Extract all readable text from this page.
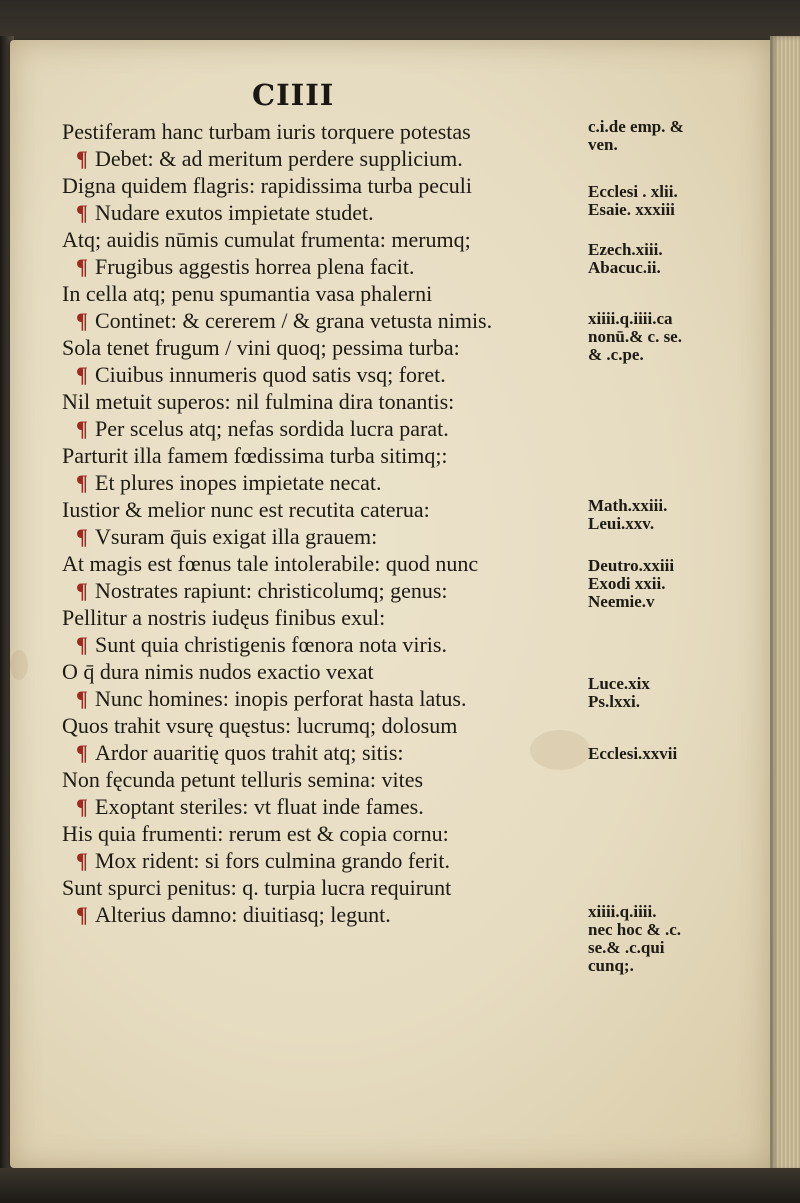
CIIII
Pestiferam hanc turbam iuris torquere potestas
¶ Debet: & ad meritum perdere supplicium.
Digna quidem flagris: rapidissima turba peculi
¶ Nudare exutos impietate studet.
Atq; auidis nūmis cumulat frumenta: merumq;
¶ Frugibus aggestis horrea plena facit.
In cella atq; penu spumantia vasa phalerni
¶ Continet: & cererem / & grana vetusta nimis.
Sola tenet frugum / vini quoq; pessima turba:
¶ Ciuibus innumeris quod satis vsq; foret.
Nil metuit superos: nil fulmina dira tonantis:
¶ Per scelus atq; nefas sordida lucra parat.
Parturit illa famem fœdissima turba sitimq;:
¶ Et plures inopes impietate necat.
Iustior & melior nunc est recutita caterua:
¶ Vsuram q̄uis exigat illa grauem:
At magis est fœnus tale intolerabile: quod nunc
¶ Nostrates rapiunt: christicolumq; genus:
Pellitur a nostris iudęus finibus exul:
¶ Sunt quia christigenis fœnora nota viris.
O q̄ dura nimis nudos exactio vexat
¶ Nunc homines: inopis perforat hasta latus.
Quos trahit vsurę quęstus: lucrumq; dolosum
¶ Ardor auaritię quos trahit atq; sitis:
Non fęcunda petunt telluris semina: vites
¶ Exoptant steriles: vt fluat inde fames.
His quia frumenti: rerum est & copia cornu:
¶ Mox rident: si fors culmina grando ferit.
Sunt spurci penitus: q. turpia lucra requirunt
¶ Alterius damno: diuitiasq; legunt.
c.i.de emp. &
ven.
Ecclesi . xlii.
Esaie. xxxiii
Ezech.xiii.
Abacuc.ii.
xiiii.q.iiii.ca
nonū.& c. se.
& .c.pe.
Math.xxiii.
Leui.xxv.
Deutro.xxiii
Exodi xxii.
Neemie.v
Luce.xix
Ps.lxxi.
Ecclesi.xxvii
xiiii.q.iiii.
nec hoc & .c.
se.& .c.qui
cunq;.
